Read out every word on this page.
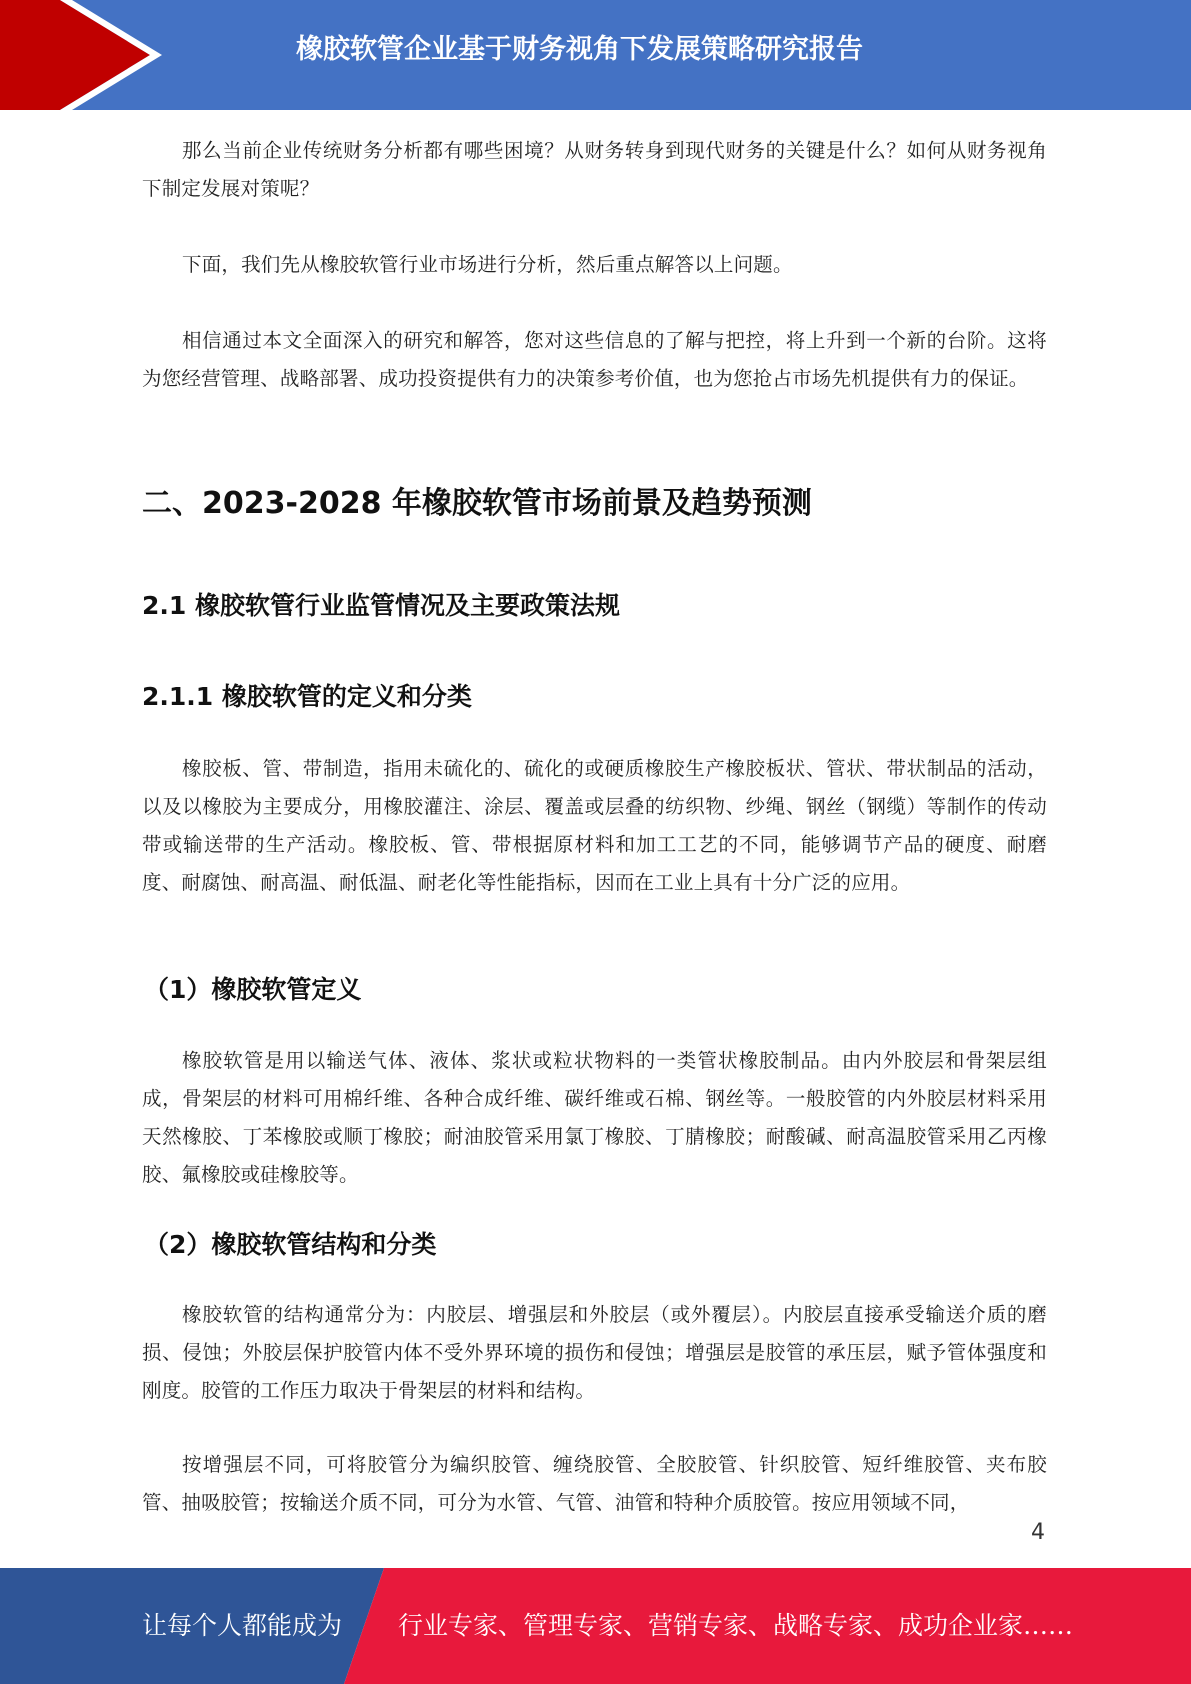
橡胶软管企业基于财务视角下发展策略研究报告

那么当前企业传统财务分析都有哪些困境？从财务转身到现代财务的关键是什么？如何从财务视角下制定发展对策呢？

下面，我们先从橡胶软管行业市场进行分析，然后重点解答以上问题。

相信通过本文全面深入的研究和解答，您对这些信息的了解与把控，将上升到一个新的台阶。这将为您经营管理、战略部署、成功投资提供有力的决策参考价值，也为您抢占市场先机提供有力的保证。

二、2023-2028 年橡胶软管市场前景及趋势预测
2.1 橡胶软管行业监管情况及主要政策法规
2.1.1 橡胶软管的定义和分类

橡胶板、管、带制造，指用未硫化的、硫化的或硬质橡胶生产橡胶板状、管状、带状制品的活动，以及以橡胶为主要成分，用橡胶灌注、涂层、覆盖或层叠的纺织物、纱绳、钢丝（钢缆）等制作的传动带或输送带的生产活动。橡胶板、管、带根据原材料和加工工艺的不同，能够调节产品的硬度、耐磨度、耐腐蚀、耐高温、耐低温、耐老化等性能指标，因而在工业上具有十分广泛的应用。

（1）橡胶软管定义

橡胶软管是用以输送气体、液体、浆状或粒状物料的一类管状橡胶制品。由内外胶层和骨架层组成，骨架层的材料可用棉纤维、各种合成纤维、碳纤维或石棉、钢丝等。一般胶管的内外胶层材料采用天然橡胶、丁苯橡胶或顺丁橡胶；耐油胶管采用氯丁橡胶、丁腈橡胶；耐酸碱、耐高温胶管采用乙丙橡胶、氟橡胶或硅橡胶等。

（2）橡胶软管结构和分类

橡胶软管的结构通常分为：内胶层、增强层和外胶层（或外覆层）。内胶层直接承受输送介质的磨损、侵蚀；外胶层保护胶管内体不受外界环境的损伤和侵蚀；增强层是胶管的承压层，赋予管体强度和刚度。胶管的工作压力取决于骨架层的材料和结构。

按增强层不同，可将胶管分为编织胶管、缠绕胶管、全胶胶管、针织胶管、短纤维胶管、夹布胶管、抽吸胶管；按输送介质不同，可分为水管、气管、油管和特种介质胶管。按应用领域不同，

4
让每个人都能成为 行业专家、管理专家、营销专家、战略专家、成功企业家……
